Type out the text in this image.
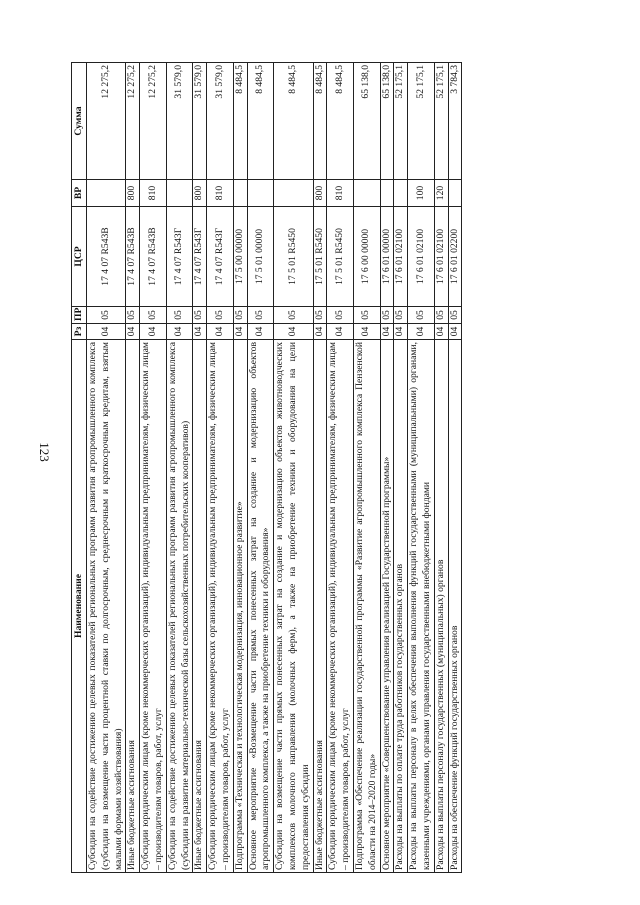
123
Наименование	Рз	ПР	ЦСР	ВР	Сумма
Субсидии на содействие достижению целевых показателей региональных программ развития агропромышленного комплекса (субсидии на возмещение части процентной ставки по долгосрочным, среднесрочным и краткосрочным кредитам, взятым малыми формами хозяйствования)	04	05	17 4 07 R543B		12 275,2
Иные бюджетные ассигнования	04	05	17 4 07 R543B	800	12 275,2
Субсидии юридическим лицам (кроме некоммерческих организаций), индивидуальным предпринимателям, физическим лицам – производителям товаров, работ, услуг	04	05	17 4 07 R543B	810	12 275,2
Субсидии на содействие достижению целевых показателей региональных программ развития агропромышленного комплекса (субсидии на развитие материально-технической базы сельскохозяйственных потребительских кооперативов)	04	05	17 4 07 R543Г		31 579,0
Иные бюджетные ассигнования	04	05	17 4 07 R543Г	800	31 579,0
Субсидии юридическим лицам (кроме некоммерческих организаций), индивидуальным предпринимателям, физическим лицам – производителям товаров, работ, услуг	04	05	17 4 07 R543Г	810	31 579,0
Подпрограмма «Техническая и технологическая модернизация, инновационное развитие»	04	05	17 5 00 00000		8 484,5
Основное мероприятие «Возмещение части прямых понесенных затрат на создание и модернизацию объектов агропромышленного комплекса, а также на приобретение техники и оборудования»	04	05	17 5 01 00000		8 484,5
Субсидии на возмещение части прямых понесенных затрат на создание и модернизацию объектов животноводческих комплексов молочного направления (молочных ферм), а также на приобретение техники и оборудования на цели предоставления субсидии	04	05	17 5 01 R5450		8 484,5
Иные бюджетные ассигнования	04	05	17 5 01 R5450	800	8 484,5
Субсидии юридическим лицам (кроме некоммерческих организаций), индивидуальным предпринимателям, физическим лицам – производителям товаров, работ, услуг	04	05	17 5 01 R5450	810	8 484,5
Подпрограмма «Обеспечение реализации государственной программы «Развитие агропромышленного комплекса Пензенской области на 2014–2020 годы»	04	05	17 6 00 00000		65 138,0
Основное мероприятие «Совершенствование управления реализацией Государственной программы»	04	05	17 6 01 00000		65 138,0
Расходы на выплаты по оплате труда работников государственных органов	04	05	17 6 01 02100		52 175,1
Расходы на выплаты персоналу в целях обеспечения выполнения функций государственными (муниципальными) органами, казенными учреждениями, органами управления государственными внебюджетными фондами	04	05	17 6 01 02100	100	52 175,1
Расходы на выплаты персоналу государственных (муниципальных) органов	04	05	17 6 01 02100	120	52 175,1
Расходы на обеспечение функций государственных органов	04	05	17 6 01 02200		3 784,3
